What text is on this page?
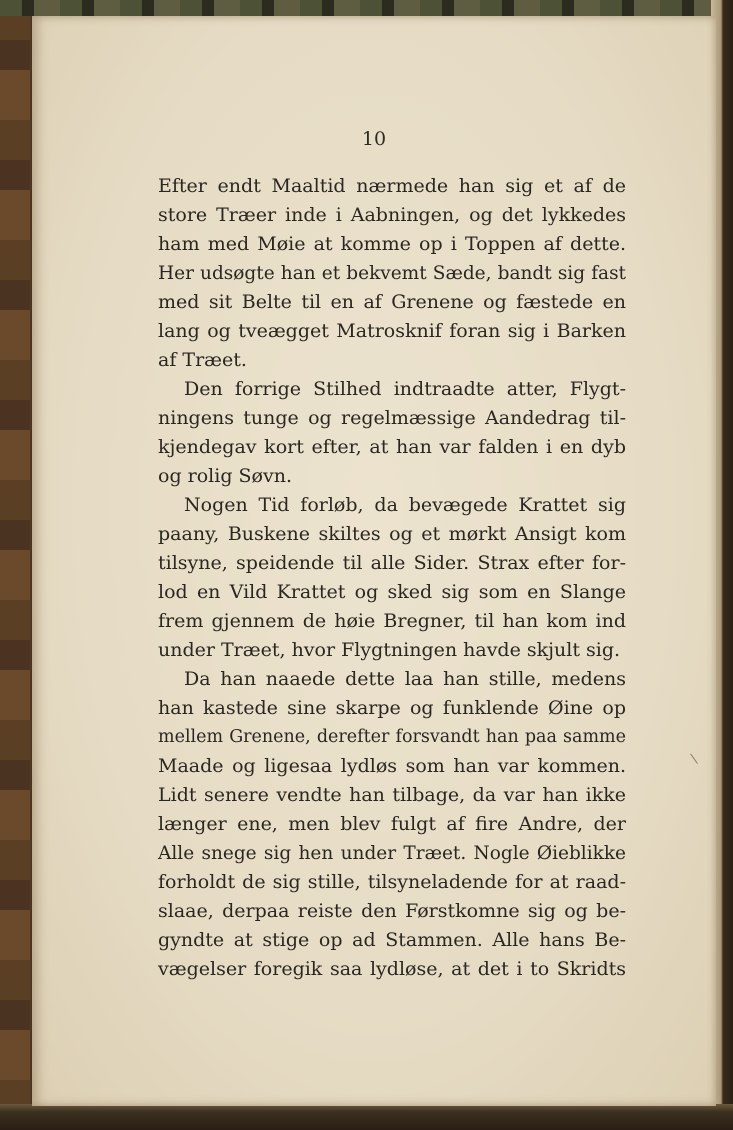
10
Efter endt Maaltid nærmede han sig et af de
store Træer inde i Aabningen, og det lykkedes
ham med Møie at komme op i Toppen af dette.
Her udsøgte han et bekvemt Sæde, bandt sig fast
med sit Belte til en af Grenene og fæstede en
lang og tveægget Matrosknif foran sig i Barken
af Træet.
Den forrige Stilhed indtraadte atter, Flygt-
ningens tunge og regelmæssige Aandedrag til-
kjendegav kort efter, at han var falden i en dyb
og rolig Søvn.
Nogen Tid forløb, da bevægede Krattet sig
paany, Buskene skiltes og et mørkt Ansigt kom
tilsyne, speidende til alle Sider. Strax efter for-
lod en Vild Krattet og sked sig som en Slange
frem gjennem de høie Bregner, til han kom ind
under Træet, hvor Flygtningen havde skjult sig.
Da han naaede dette laa han stille, medens
han kastede sine skarpe og funklende Øine op
mellem Grenene, derefter forsvandt han paa samme
Maade og ligesaa lydløs som han var kommen.
Lidt senere vendte han tilbage, da var han ikke
længer ene, men blev fulgt af fire Andre, der
Alle snege sig hen under Træet. Nogle Øieblikke
forholdt de sig stille, tilsyneladende for at raad-
slaae, derpaa reiste den Førstkomne sig og be-
gyndte at stige op ad Stammen. Alle hans Be-
vægelser foregik saa lydløse, at det i to Skridts
